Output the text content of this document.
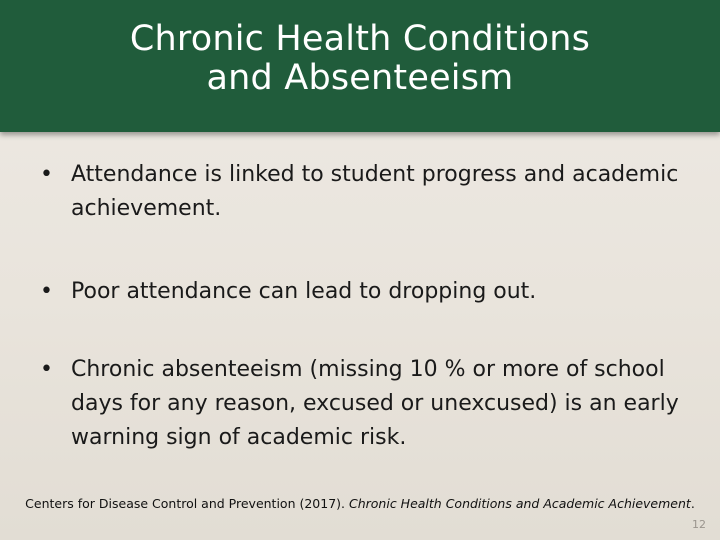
Chronic Health Conditions
and Absenteeism
• Attendance is linked to student progress and academic achievement.
• Poor attendance can lead to dropping out.
• Chronic absenteeism (missing 10 % or more of school days for any reason, excused or unexcused) is an early warning sign of academic risk.
Centers for Disease Control and Prevention (2017). Chronic Health Conditions and Academic Achievement.
12
